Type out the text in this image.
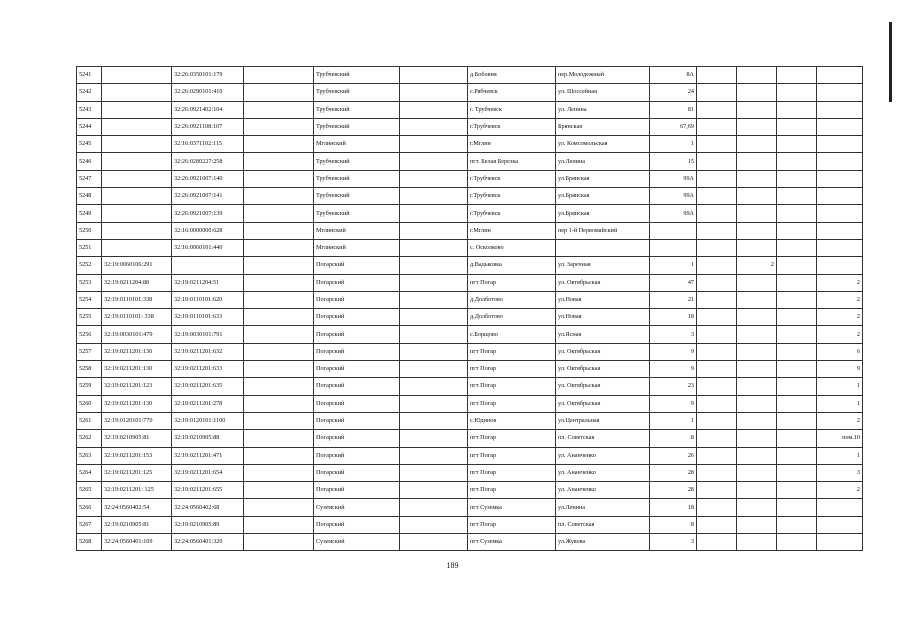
5241		32:26:0350101:179		Трубчевский		д.Бобовня	пер.Молодежный	8А				
5242		32:26:0290101:410		Трубчевский		с.Рябчевск	ул. Шоссейная	24				
5243		32:26:0921402:104		Трубчевский		г. Трубчевск	ул. Ленина	81				
5244		32:26:0921108:107		Трубчевский		г.Трубчевск	Брянская	67,69				
5245		32:16:0371102:115		Мглинский		г.Мглин	ул. Комсомольская	1				
5246		32:26:0280227:258		Трубчевский		пгт. Белая Березка	ул.Ленина	15				
5247		32:26:0921007:140		Трубчевский		г.Трубчевск	ул.Брянская	99А				
5248		32:26:0921007:141		Трубчевский		г.Трубчевск	ул.Брянская	99А				
5249		32:26:0921007:139		Трубчевский		г.Трубчевск	ул.Брянская	99А				
5250		32:16:0000000:628		Мглинский		г.Мглин	пер 1-й Первомайский					
5251		32:16:0060101:440		Мглинский		с. Осколково						
5252	32:19:0060106:291			Погарский		д.Вадьковка	ул. Заречная	1		2		
5253	32:19:0211204:88	32:19:0211204:51		Погарский		пгт Погар	ул. Октябрьская	47				2
5254	32:19:0110101:338	32:19:0110101:620		Погарский		д.Долботово	ул.Новая	21				2
5255	32:19:0110101: 338	32:19:0110101:633		Погарский		д.Долботово	ул.Новая	18				2
5256	32:19:0030101:479	32:19:0030101:791		Погарский		с.Борщово	ул.Ясная	3				2
5257	32:19:0211201:130	32:19:0211201:632		Погарский		пгт Погар	ул. Октябрьская	9				6
5258	32:19:0211201:130	32:19:0211201:633		Погарский		пгт Погар	ул. Октябрьская	9				9
5259	32:19:0211201:123	32:19:0211201:635		Погарский		пгт Погар	ул. Октябрьская	23				1
5260	32:19:0211201:130	32:19:0211201:278		Погарский		пгт Погар	ул. Октябрьская	9				1
5261	32:19:0120101:770	32:19:0120101:1100		Погарский		с.Юдинов	ул.Центральная	1				2
5262	32:19:0210905:81	32:19:0210905:88		Погарский		пгт Погар	пл. Советская	8				пом.10
5263	32:19:0211201:153	32:19:0211201:471		Погарский		пгт Погар	ул. Ананченко	26				1
5264	32:19:0211201:125	32:19:0211201:654		Погарский		пгт Погар	ул. Ананченко	28				3
5265	32:19:0211201: 125	32:19:0211201:655		Погарский		пгт Погар	ул. Ананченко	28				2
5266	32:24:0560402:54	32:24:0560402:68		Суземский		пгт Суземка	ул.Ленина	18				
5267	32:19:0210905:81	32:19:0210905:89		Погарский		пгт Погар	пл. Советская	8				
5268	32:24:0560401:109	32:24:0560401:320		Суземский		пгт Суземка	ул.Жукова	3				
189
